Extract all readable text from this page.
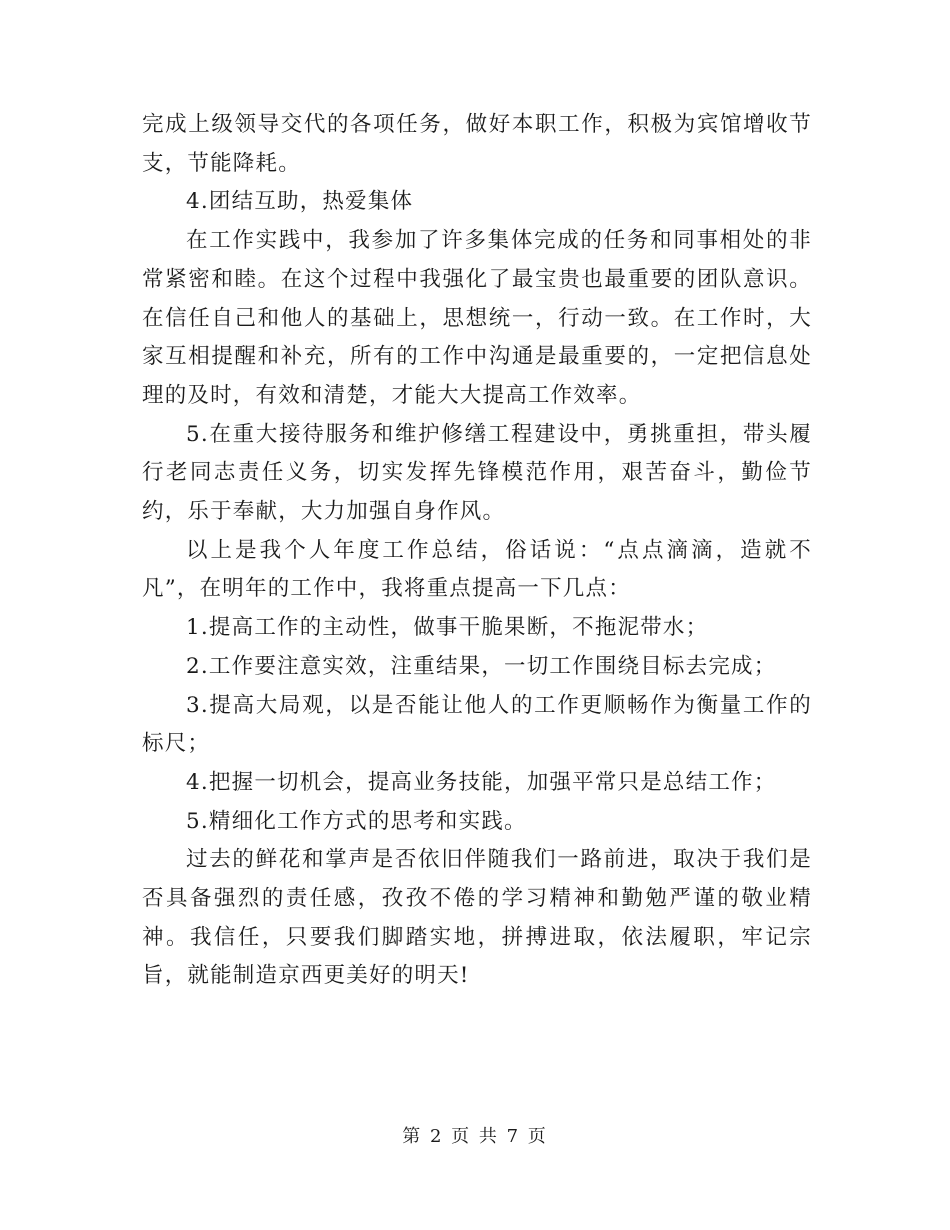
完成上级领导交代的各项任务，做好本职工作，积极为宾馆增收节支，节能降耗。

4.团结互助，热爱集体

在工作实践中，我参加了许多集体完成的任务和同事相处的非常紧密和睦。在这个过程中我强化了最宝贵也最重要的团队意识。在信任自己和他人的基础上，思想统一，行动一致。在工作时，大家互相提醒和补充，所有的工作中沟通是最重要的，一定把信息处理的及时，有效和清楚，才能大大提高工作效率。

5.在重大接待服务和维护修缮工程建设中，勇挑重担，带头履行老同志责任义务，切实发挥先锋模范作用，艰苦奋斗，勤俭节约，乐于奉献，大力加强自身作风。

以上是我个人年度工作总结，俗话说：“点点滴滴，造就不凡”，在明年的工作中，我将重点提高一下几点：

1.提高工作的主动性，做事干脆果断，不拖泥带水；

2.工作要注意实效，注重结果，一切工作围绕目标去完成；

3.提高大局观，以是否能让他人的工作更顺畅作为衡量工作的标尺；

4.把握一切机会，提高业务技能，加强平常只是总结工作；

5.精细化工作方式的思考和实践。

过去的鲜花和掌声是否依旧伴随我们一路前进，取决于我们是否具备强烈的责任感，孜孜不倦的学习精神和勤勉严谨的敬业精神。我信任，只要我们脚踏实地，拼搏进取，依法履职，牢记宗旨，就能制造京西更美好的明天!

第 2 页 共 7 页
